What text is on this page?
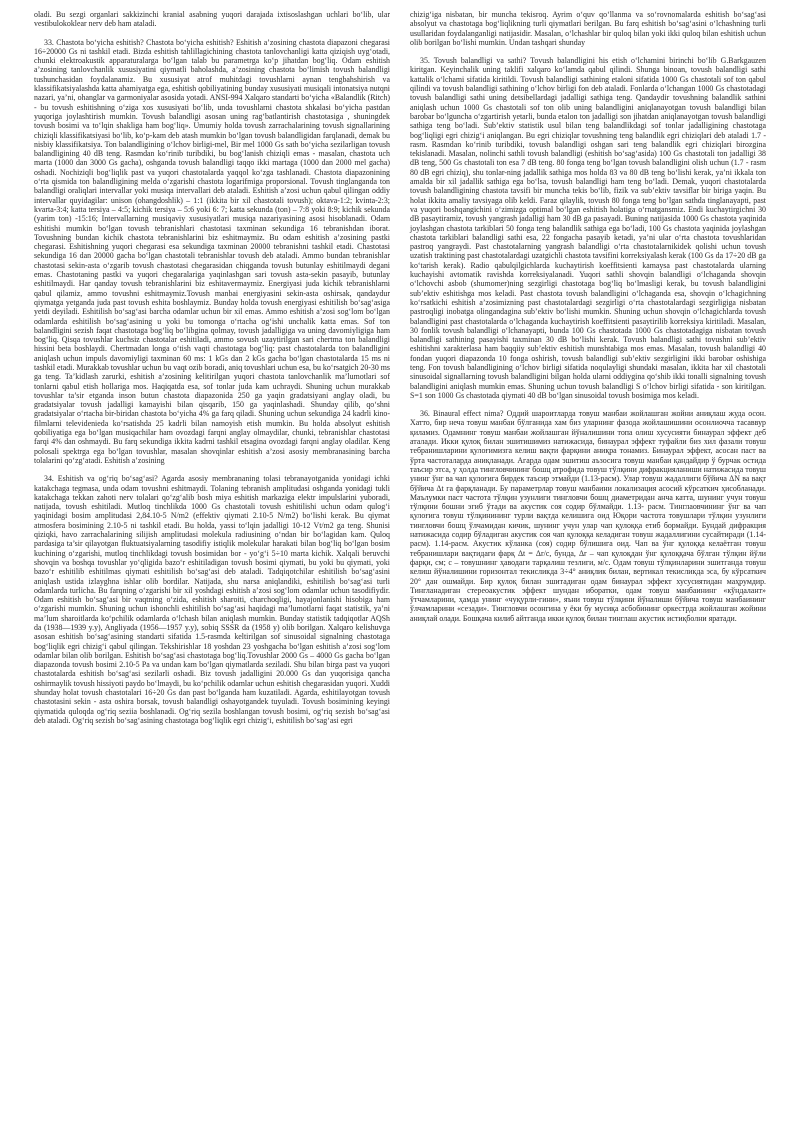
oladi. Bu sezgi organlari sakkizinchi kranial asabning yuqori darajada ixtisoslashgan uchlari bo‘lib, ular vestibulokoklear nerv deb ham ataladi.

33. Chastota bo‘yicha eshitish? Chastota bo‘yicha eshitish? Eshitish a’zosining chastota diapazoni chegarasi 16÷20000 Gs ni tashkil etadi. Bizda eshitish tahlillagichining chastota tanlovchanligi katta qiziqish uyg‘otadi, chunki elektroakustik apparaturalarga bo‘lgan talab bu parametrga ko‘p jihatdan bog‘liq. Odam eshitish a’zosining tanlovchanlik xususiyatini qiymatli baholashda, a’zosining chastota bo‘limish tovush balandligi tushunchasidan foydalanamiz. Bu xususiyat atrof muhitdagi tovushlarni aynan tengbahshirish va klassifikatsiyalashda katta ahamiyatga ega, eshitish qobiliyatining bunday xususiyati musiqali intonatsiya nutqni nazari, ya’ni, ohanglar va garmoniyalar asosida yotadi. ANSI-994 Xalqaro standarti bo‘yicha «Balandlik (Ritch) - bu tovush eshitishning o‘ziga xos xususiyati bo‘lib, unda tovushlarni chastota shkalasi bo‘yicha pastdan yuqoriga joylashtirish mumkin. Tovush balandligi asosan uning rag‘batlantirish chastotasiga , shuningdek tovush bosimi va to‘lqin shakliga ham bog‘liq». Umumiy holda tovush zarrachalarining tovush signallarining chiziqli klassifikatsiyasi bo‘lib, ko‘p-kam deb atash mumkin bo‘lgan tovush balandligidan farqlanadi, demak bu nisbiy klassifikatsiya. Ton balandligining o‘lchov birligi-mel, Bir mel 1000 Gs sath bo‘yicha sezilarligan tovush balandligining 40 dB teng. Rasmdan ko‘rinib turibdiki, bu bog‘lanish chiziqli emas - masalan, chastota uch marta (1000 dan 3000 Gs gacha), oshganda tovush balandligi taqqo ikki martaga (1000 dan 2000 mel gacha) oshadi. Nochiziqli bog‘liqlik past va yuqori chastotalarda yaqqol ko‘zga tashlanadi. Chastota diapazonining o‘rta qismida ton balandligining melda o‘zgarishi chastota logarifmiga proporsional. Tovush tinglanganda ton balandligi oraliqlari intervallar yoki musiqa intervallari deb ataladi. Eshitish a’zosi uchun qabul qilingan oddiy intervallar quyidagilar: unison (ohangdoshlik) – 1:1 (ikkita bir xil chastotali tovush); oktava-1:2; kvinta-2:3; kvarta-3:4; katta tersiya – 4:5; kichik tersiya – 5:6 yoki 6: 7; katta sekunda (ton) – 7:8 yoki 8:9; kichik sekunda (yarim ton) -15:16; Intervallarning musiqaviy xususiyatlari musiqa nazariyasining asosi hisoblanadi. Odam eshitishi mumkin bo‘lgan tovush tebranishlari chastotasi taxminan sekundiga 16 tebranishdan iborat. Tovushning bundan kichik chastota tebranishlarini biz eshitmaymiz. Bu odam eshitish a’zosining pastki chegarasi. Eshitishning yuqori chegarasi esa sekundiga taxminan 20000 tebranishni tashkil etadi. Chastotasi sekundiga 16 dan 20000 gacha bo‘lgan chastotali tebranishlar tovush deb ataladi. Ammo bundan tebranishlar chastotasi sekin-asta o‘zgarib tovush chastotasi chegarasidan chiqganda tovush butunlay eshitilmaydi degani emas. Chastotaning pastki va yuqori chegaralariga yaqinlashgan sari tovush asta-sekin pasayib, butunlay eshitilmaydi. Har qanday tovush tebranishlarini biz eshitavermaymiz. Energiyasi juda kichik tebranishlarni qabul qilamiz, ammo tovushni eshitmaymiz.Tovush manbai energiyasini sekin-asta oshirsak, qandaydur qiymatga yetganda juda past tovush eshita boshlaymiz. Bunday holda tovush energiyasi eshitilish bo‘sag‘asiga yetdi deyiladi. Eshitilish bo‘sag‘asi barcha odamlar uchun bir xil emas. Ammo eshitish a’zosi sog‘lom bo‘lgan odamlarda eshitilish bo‘sag‘asining u yoki bu tomonga o‘rtacha og‘ishi unchalik katta emas. Sof ton balandligini sezish faqat chastotaga bog‘liq bo‘libgina qolmay, tovush jadalligiga va uning davomiyligiga ham bog‘liq. Qisqa tovushlar kuchsiz chastotalar eshitiladi, ammo sovush uzaytirilgan sari chertma ton balandligi hissini beta boshlaydi. Chertmadan longa o‘tish vaqti chastotaga bog‘liq: past chastotalarda ton balandligini aniqlash uchun impuls davomiyligi taxminan 60 ms: 1 kGs dan 2 kGs gacha bo‘lgan chastotalarda 15 ms ni tashkil etadi. Murakkab tovushlar uchun bu vaqt ozib boradi, aniq tovushlari uchun esa, bu ko‘rsatgich 20-30 ms ga teng. Ta’kidlash zarurki, eshitish a’zosining kelitirilgan yuqori chastota tanlovchanlik ma’lumotlari sof tonlarni qabul etish hollariga mos. Haqiqatda esa, sof tonlar juda kam uchraydi. Shuning uchun murakkab tovushlar ta’sir etganda inson butun chastota diapazonida 250 ga yaqin gradatsiyani anglay oladi, bu gradatsiyalar tovush jadalligi kamayishi bilan qisqarib, 150 ga yaqinlashadi. Shunday qilib, qo‘shni gradatsiyalar o‘rtacha bir-biridan chastota bo‘yicha 4% ga farq qiladi. Shuning uchun sekundiga 24 kadrli kino-filmlarni televidenieda ko‘rsatishda 25 kadrli bilan namoyish etish mumkin. Bu holda absolyut eshitish qobiliyatiga ega bo‘lgan musiqachilar ham ovozdagi farqni anglay olmaydilar, chunki, tebranishlar chastotasi farqi 4% dan oshmaydi. Bu farq sekundiga ikkita kadrni tashkil etsagina ovozdagi farqni anglay oladilar. Keng polosali spektrga ega bo‘lgan tovushlar, masalan shovqinlar eshitish a’zosi asosiy membranasining barcha tolalarini qo‘zg‘atadi. Eshitish a’zosining

34. Eshitish va og‘riq bo‘sag‘asi? Agarda asosiy membrananing tolasi tebranayotganida yonidagi ichki katakchaga tegmasa, unda odam tovushni eshitmaydi. Tolaning tebranish amplitudasi oshganda yonidagi tukli katakchaga tekkan zahoti nerv tolalari qo‘zg‘alib bosh miya eshitish markaziga elektr impulslarini yuboradi, natijada, tovush eshitiladi. Mutloq tinchlikda 1000 Gs chastotali tovush eshitilishi uchun odam qulog‘i yaqinidagi bosim amplitudasi 2,84.10-5 N/m2 (effektiv qiymati 2.10-5 N/m2) bo‘lishi kerak. Bu qiymat atmosfera bosimining 2.10-5 ni tashkil etadi. Bu holda, yassi to‘lqin jadalligi 10-12 Vt/m2 ga teng. Shunisi qiziqki, havo zarrachalarining silijish amplitudasi molekula radiusining o‘ndan bir bo‘lagidan kam. Quloq pardasiga ta’sir qilayotgan fluktuatsiyalarning tasodifiy istiqlik molekular harakati bilan bog‘liq bo‘lgan bosim kuchining o‘zgarishi, mutloq tinchlikdagi tovush bosimidan bor - yo‘g‘i 5÷10 marta kichik. Xalqali beruvchi shovqin va boshqa tovushlar yo‘qligida bazo‘r eshitiladigan tovush bosimi qiymati, bu yoki bu qiymati, yoki bazo‘r eshitilib eshitilmas qiymati eshitilish bo‘sag‘asi deb ataladi. Tadqiqotchilar eshitilish bo‘sag‘asini aniqlash ustida izlayghna ishlar olib bordilar. Natijada, shu narsa aniqlandiki, eshitilish bo‘sag‘asi turli odamlarda turlicha. Bu farqning o‘zgarishi bir xil yoshdagi eshitish a’zosi sog‘lom odamlar uchun tasodifiydir. Odam eshitish bo‘sag‘asi bir vaqtning o‘zida, eshitish sharoiti, charchoqligi, hayajonlanishi hisobiga ham o‘zgarishi mumkin. Shuning uchun ishonchli eshitilish bo‘sag‘asi haqidagi ma’lumotlarni faqat statistik, ya’ni ma’lum sharoitlarda ko‘pchilik odamlarda o‘lchash bilan aniqlash mumkin. Bunday statistik tadqiqotlar AQSh da (1938—1939 y.y), Angliyada (1956—1957 y.y), sobiq SSSR da (1958 y) olib borilgan. Xalqaro kelishuvga asosan eshitish bo‘sag‘asining standarti sifatida 1.5-rasmda keltirilgan sof sinusoidal signalning chastotaga bog‘liqlik egri chizig‘i qabul qilingan. Tekshirishlar 18 yoshdan 23 yoshgacha bo‘lgan eshitish a’zosi sog‘lom odamlar bilan olib borilgan. Eshitish bo‘sag‘asi chastotaga bog‘liq.Tovushlar 2000 Gs – 4000 Gs gacha bo‘lgan diapazonda tovush bosimi 2.10-5 Pa va undan kam bo‘lgan qiymatlarda seziladi. Shu bilan birga past va yuqori chastotalarda eshitish bo‘sag‘asi sezilarli oshadi. Biz tovush jadalligini 20.000 Gs dan yuqorisiga qancha oshirmaylik tovush hissiyoti paydo bo‘lmaydi, bu ko‘pchilik odamlar uchun eshitish chegarasidan yuqori. Xuddi shunday holat tovush chastotalari 16÷20 Gs dan past bo‘lganda ham kuzatiladi. Agarda, eshitilayotgan tovush chastotasini sekin - asta oshira borsak, tovush balandligi oshayotgandek tuyuladi. Tovush bosimining keyingi qiymatida quloqda og‘riq seziia boshlanadi. Og‘riq sezila boshlangan tovush bosimi, og‘riq sezish bo‘sag‘asi deb ataladi. Og‘riq sezish bo‘sag‘asining chastotaga bog‘liqlik egri chizig‘i, eshitilish bo‘sag‘asi egri

chizig‘iga nisbatan, bir muncha tekisroq. Ayrim o‘quv qo‘llanma va so‘rovnomalarda eshitish bo‘sag‘asi absolyut va chastotaga bog‘liqlikning turli qiymatlari berilgan. Bu farq eshitish bo‘sag‘asini o‘lchashning turli usullaridan foydalanganligi natijasidir. Masalan, o‘lchashlar bir quloq bilan yoki ikki quloq bilan eshitish uchun olib borilgan bo‘lishi mumkin. Undan tashqari shunday

35. Tovush balandligi va sathi? Tovush balandligini his etish o‘lchamini birinchi bo‘lib G.Barkgauzen kiritgan. Keyinchalik uning taklifi xalqaro ko‘lamda qabul qilindi. Shunga binoan, tovush balandligi sathi kattalik o‘lchami sifatida kiritildi. Tovush balandligi sathining etaloni sifatida 1000 Gs chastotali sof ton qabul qilindi va tovush balandligi sathining o‘lchov birligi fon deb ataladi. Fonlarda o‘lchangan 1000 Gs chastotadagi tovush balandligi sathi uning detsibellardagi jadalligi sathiga teng. Qandaydir tovushning balandlik sathini aniqlash uchun 1000 Gs chastotali sof ton olib uning balandligini aniqlanayotgan tovush balandligi bilan barobar bo‘lguncha o‘zgartirish yetarli, bunda etalon ton jadalligi son jihatdan aniqlanayotgan tovush balandligi sathiga teng bo‘ladi. Sub’ektiv statistik usul bilan teng balandlikdagi sof tonlar jadalligining chastotaga bog‘liqligi egri chizig‘i aniqlangan. Bu egri chiziqlar tovushning teng balandlik egri chiziqlari deb ataladi 1.7 - rasm. Rasmdan ko‘rinib turibdiki, tovush balandligi oshgan sari teng balandlik egri chiziqlari birozgina tekislanadi. Masalan, nolinchi sathli tovush balandligi (eshitish bo‘sag‘asida) 100 Gs chastotali ton jadalligi 38 dB teng, 500 Gs chastotali ton esa 7 dB teng. 80 fonga teng bo‘lgan tovush balandligini olish uchun (1.7 - rasm 80 dB egri chiziq), shu tonlar-ning jadallik sathiga mos holda 83 va 80 dB teng bo‘lishi kerak, ya’ni ikkala ton amalda bir xil jadallik sathiga ega bo‘lsa, tovush balandligi ham teng bo‘ladi. Demak, yuqori chastotalarda tovush balandligining chastota tavsifi bir muncha tekis bo‘lib, fizik va sub’ektiv tavsiflar bir biriga yaqin. Bu holat ikkita amaliy tavsiyaga olib keldi. Faraz qilaylik, tovush 80 fonga teng bo‘lgan sathda tinglanayapti, past va yuqori boshqangichini o‘zimizga optimal bo‘lgan eshitish holatiga o‘rnatgansmiz. Endi kuchaytirgichni 30 dB pasaytiramiz, tovush yangrash jadalligi ham 30 dB ga pasayadi. Buning natijasida 1000 Gs chastota yaqinida joylashgan chastota tarkiblari 50 fonga teng balandlik sathiga ega bo‘ladi, 100 Gs chastota yaqinida joylashgan chastota tarkiblari balandligi sathi esa, 22 fongacha pasayib ketadi, ya’ni ular o‘rta chastota tovushlaridan pastroq yangraydi. Past chastotalarning yangrash balandligi o‘rta chastotalarnikidek qolishi uchun tovush uzatish traktining past chastotalardagi uzatgichli chastota tavsifini korreksiyalash kerak (100 Gs da 17÷20 dB ga ko‘tarish kerak). Radio qabulqilgichlarda kuchaytirish koeffitsienti kamaysa past chastotalarda ularning kuchayishi avtomatik ravishda korreksiyalanadi. Yuqori sathli shovqin balandligi o‘lchaganda shovqin o‘lchovchi asbob (shumomer)ning sezgirligi chastotaga bog‘liq bo‘lmasligi kerak, bu tovush balandligini sub’ektiv eshitishga mos keladi. Past chastota tovush balandligini o‘lchaganda esa, shovqin o‘lchagichning ko‘rsatkichi eshitish a’zosimizning past chastotalardagi sezgirligi o‘rta chastotalardagi sezgirligiga nisbatan pastroqligi inobatga olingandagina sub’ektiv bo‘lishi mumkin. Shuning uchun shovqin o‘lchagichlarda tovush balandligini past chastotalarda o‘lchaganda kuchaytirish koeffitsienti pasaytirilib korreksiya kiritiladi. Masalan, 30 fonlik tovush balandligi o‘lchanayapti, bunda 100 Gs chastotada 1000 Gs chastotadagiga nisbatan tovush balandligi sathining pasayishi taxminan 30 dB bo‘lishi kerak. Tovush balandligi sathi tovushni sub’ektiv eshitishni xarakterlasa ham baqqiiy sub’ektiv eshitish munshtabiga mos emas. Masalan, tovush balandligi 40 fondan yuqori diapazonda 10 fonga oshirish, tovush balandligi sub’ektiv sezgirligini ikki barobar oshishiga teng. Fon tovush balandligining o‘lchov birligi sifatida noqulayligi shundaki masalan, ikkita har xil chastotali sinusoidal signallarning tovush balandligini bilgan holda ularni oddiygina qo‘shib ikki tonalli signalning tovush balandligini aniqlash mumkin emas. Shuning uchun tovush balandligi S o‘lchov birligi sifatida - son kiritilgan. S=1 son 1000 Gs chastotada qiymati 40 dB bo‘lgan sinusoidal tovush bosimiga mos keladi.

36. Binaural effect nima? Оддий шароитларда товуш манбаи жойлашган жойни аниқлаш жуда осон. Хатто, бир неча товуш манбаи бўлганида хам биз уларнинг фазода жойлашишини осонлиочча тасаввур қиламиз. Одамнинг товуш манбаи жойлашган йўналишини топа олиш хусусияти бинаурал эффект деб аталади. Икки қулоқ билан эшитишимиз натижасида, бинаурал эффект туфайли биз хил фазали товуш тебранишларини қулоғимизга келиш вақти фарқини аниқра тонамиз. Бинаурал эффект, асосан паст ва ўрта частоталарда аниқланади. Агарда одам эшитиш аъзосига товуш манбаи қандайдир ў бурчак остида таъсир этса, у ҳолда тингловчининг бошц атрофида товуш тўлқини дифракцияланиши натижасида товуш унинг ўнг ва чап қулоғига бирдек таъсир этмайди (1.13-расм). Улар товуш жадаллиги бўйича ΔN ва вақт бўйича Δt га фарқланади. Бу параметрлар товуш манбаини локализация асосий кўрсаткич ҳисобланади. Маълумки паст частота тўлқин узунлиги тингловчи бошц диаметридан анча катта, шунинг учун товуш тўлқини бошни эгиб ўтади ва акустик соя содир бўлмайди. 1.13- расм. Тинглаовчининг ўнг ва чап қулоғига товуш тўлқинининг турли вақтда келишига оид Юқори частота товушлари тўлқин узунлиги тингловчи бошц ўлчамидан кичик, шунинг учун улар чап қулоққа етиб бормайди. Бундай дифракция натижасида содир бўладиган акустик соя чап қулоққа келадиган товуш жадаллигини сусайтиради (1.14-расм). 1.14-расм. Акустик кўланка (соя) содир бўлишига оид. Чап ва ўнг қулоққа келаётган товуш тебранишлари вақтидаги фарқ Δt = Δr/c, бунда, Δr – чап қулоқдан ўнг қулоққача бўлган тўлқин йўли фарқи, см; c – товушнинг ҳаводаги тарқалиш тезлиги, м/с. Одам товуш тўлқинларини эшитганда товуш келиш йўналишини горизонтал текисликда 3÷4° аниқлик билан, вертикал текисликда эса, бу кўрсаткич 20° дан ошмайди. Бир қулоқ билан эшитадиган одам бинаурал эффект хусусиятидан маҳрумдир. Тингланадиган стереоакустик эффект шундан иборатки, одам товуш манбаининг «кўндалант» ўтчамларини, ҳамда унинг «чуқурли-гини», яъни товуш тўлқини йўналиши бўйича товуш манбаининг ўлчамларини «сезади». Тингловчи осонгина у ёки бу мусиқа асбобининг оркестрда жойлашган жойини аниқлай олади. Бошқача килиб айтганда икки қулоқ билан тинглаш акустик истиқболни яратади.
